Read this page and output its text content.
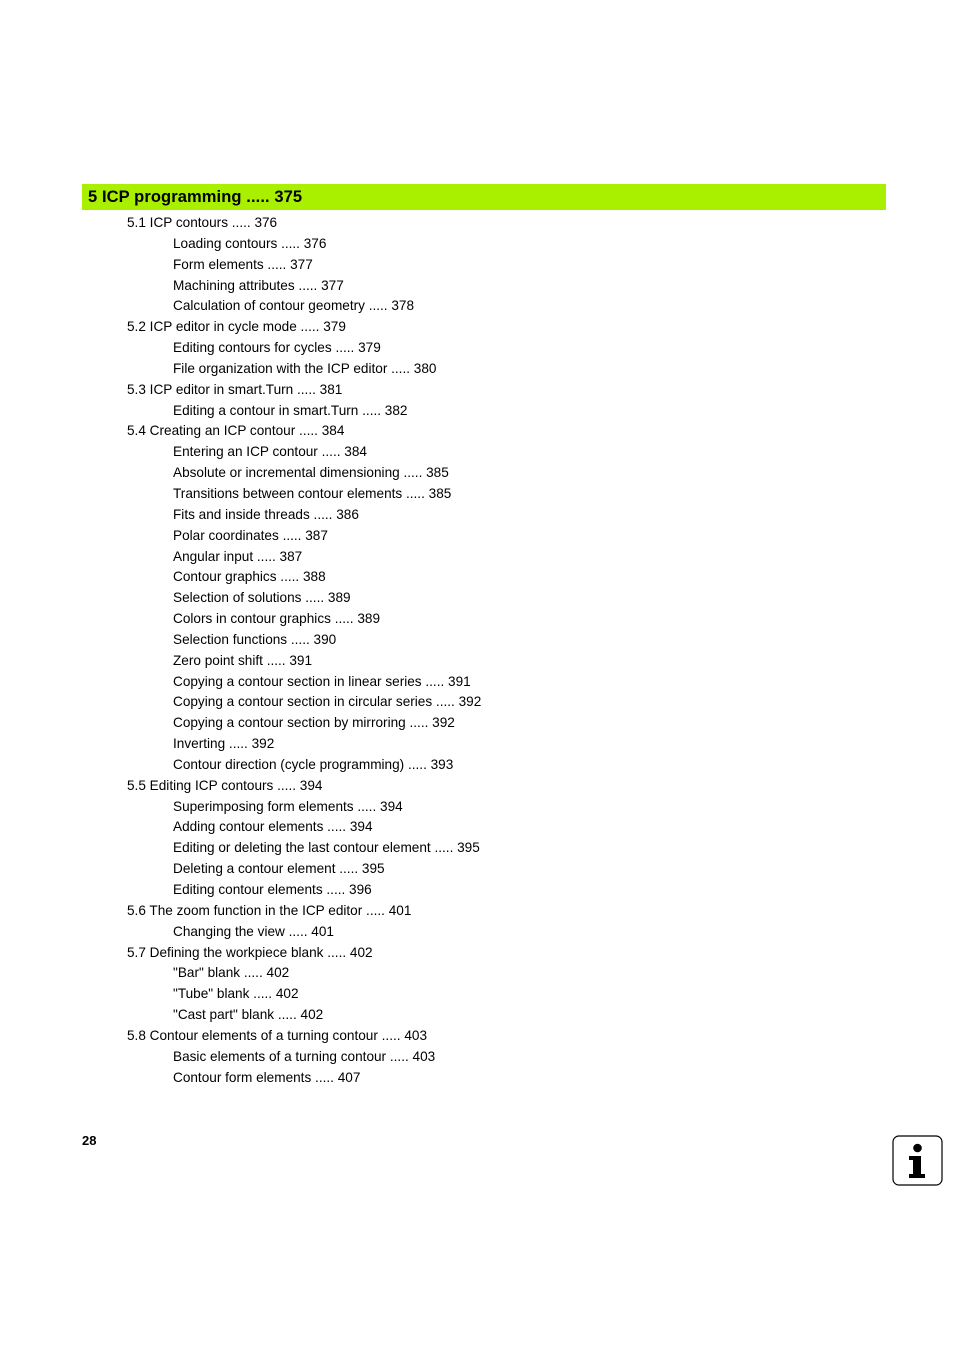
5 ICP programming ..... 375
5.1 ICP contours ..... 376
Loading contours ..... 376
Form elements ..... 377
Machining attributes ..... 377
Calculation of contour geometry ..... 378
5.2 ICP editor in cycle mode ..... 379
Editing contours for cycles ..... 379
File organization with the ICP editor ..... 380
5.3 ICP editor in smart.Turn ..... 381
Editing a contour in smart.Turn ..... 382
5.4 Creating an ICP contour ..... 384
Entering an ICP contour ..... 384
Absolute or incremental dimensioning ..... 385
Transitions between contour elements ..... 385
Fits and inside threads ..... 386
Polar coordinates ..... 387
Angular input ..... 387
Contour graphics ..... 388
Selection of solutions ..... 389
Colors in contour graphics ..... 389
Selection functions ..... 390
Zero point shift ..... 391
Copying a contour section in linear series ..... 391
Copying a contour section in circular series ..... 392
Copying a contour section by mirroring ..... 392
Inverting ..... 392
Contour direction (cycle programming) ..... 393
5.5 Editing ICP contours ..... 394
Superimposing form elements ..... 394
Adding contour elements ..... 394
Editing or deleting the last contour element ..... 395
Deleting a contour element ..... 395
Editing contour elements ..... 396
5.6 The zoom function in the ICP editor ..... 401
Changing the view ..... 401
5.7 Defining the workpiece blank ..... 402
"Bar" blank ..... 402
"Tube" blank ..... 402
"Cast part" blank ..... 402
5.8 Contour elements of a turning contour ..... 403
Basic elements of a turning contour ..... 403
Contour form elements ..... 407
28
